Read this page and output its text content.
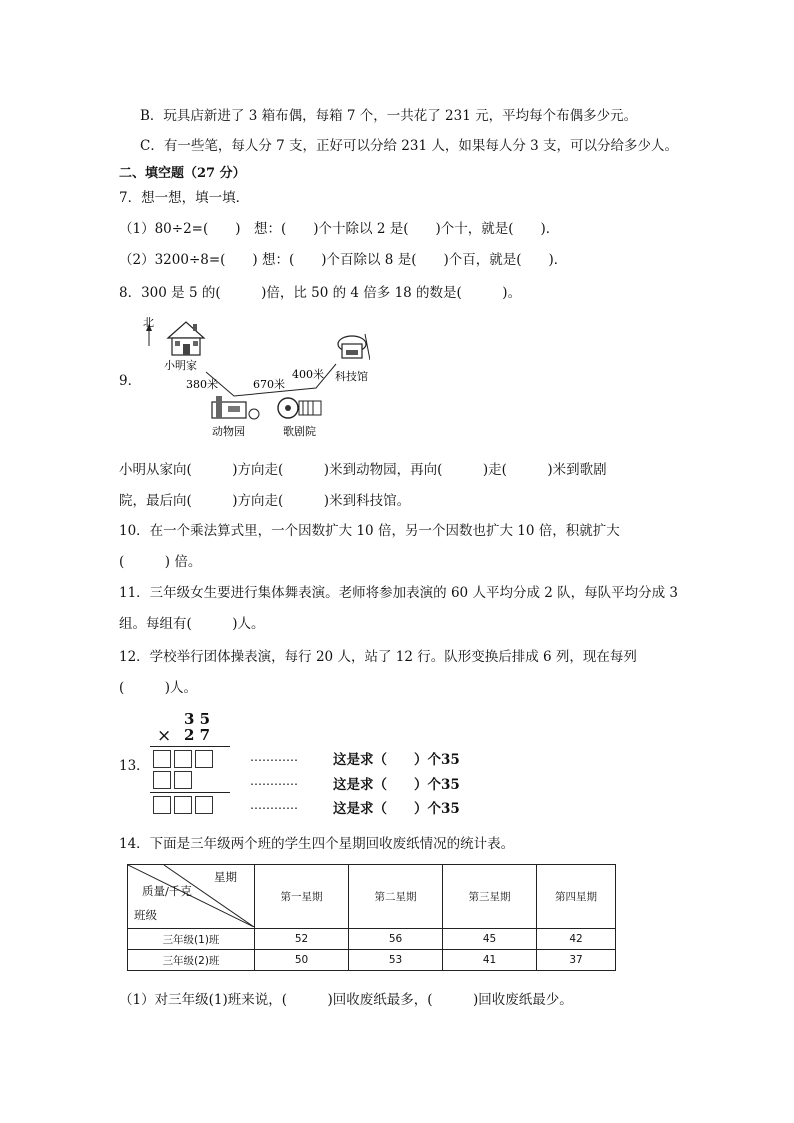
B．玩具店新进了 3 箱布偶，每箱 7 个，一共花了 231 元，平均每个布偶多少元。
C．有一些笔，每人分 7 支，正好可以分给 231 人，如果每人分 3 支，可以分给多少人。
二、填空题（27 分）
7．想一想，填一填．
（1）80÷2=(　　)　想：(　　)个十除以 2 是(　　)个十，就是(　　)．
（2）3200÷8=(　　) 想：(　　)个百除以 8 是(　　)个百，就是(　　)．
8．300 是 5 的(　　　)倍，比 50 的 4 倍多 18 的数是(　　　)。
9．
北
小明家
380米	670米
400米 科技馆
动物园	歌剧院
小明从家向(　　　)方向走(　　　)米到动物园，再向(　　　)走(　　　)米到歌剧
院，最后向(　　　)方向走(　　　)米到科技馆。
10．在一个乘法算式里，一个因数扩大 10 倍，另一个因数也扩大 10 倍，积就扩大
(　　　) 倍。
11．三年级女生要进行集体舞表演。老师将参加表演的 60 人平均分成 2 队，每队平均分成 3
组。每组有(　　　)人。
12．学校举行团体操表演，每行 20 人，站了 12 行。队形变换后排成 6 列，现在每列
(　　　)人。
13．
3 5
× 2 7
…………	这是求（　　）个35
…………	这是求（　　）个35
…………	这是求（　　）个35
14．下面是三年级两个班的学生四个星期回收废纸情况的统计表。
星期
质量/千克
班级	第一星期	第二星期	第三星期	第四星期
三年级(1)班	52	56	45	42
三年级(2)班	50	53	41	37
（1）对三年级(1)班来说，(　　　)回收废纸最多，(　　　)回收废纸最少。
